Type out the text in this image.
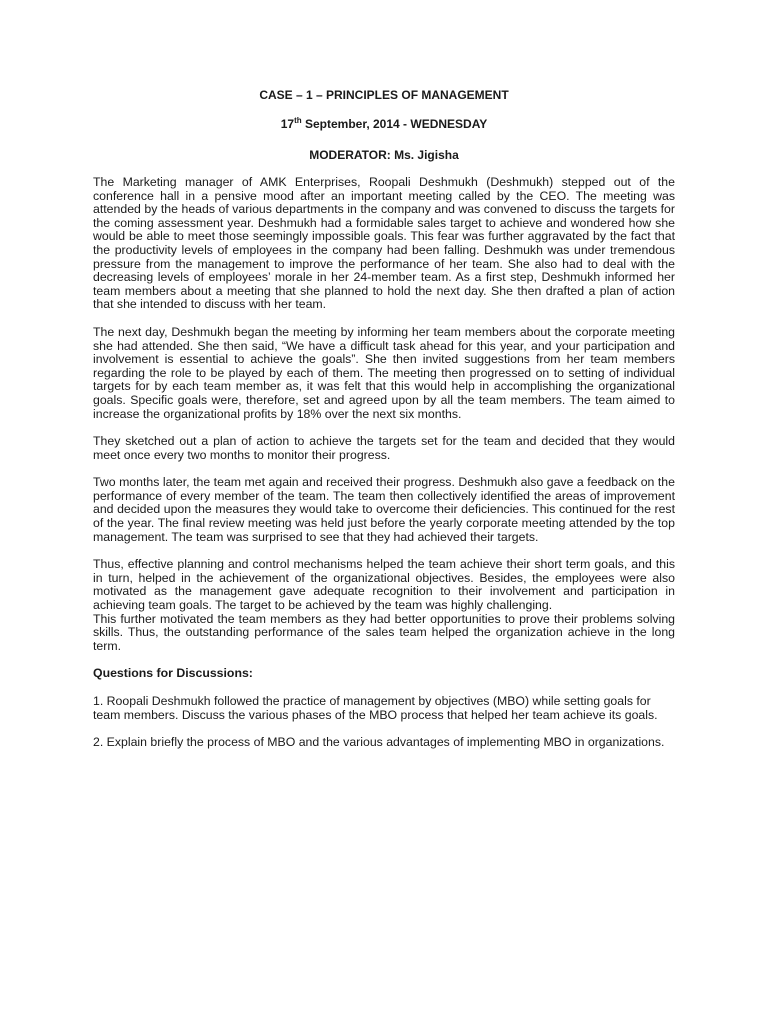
CASE – 1 – PRINCIPLES OF MANAGEMENT

17th September, 2014 - WEDNESDAY

MODERATOR: Ms. Jigisha

The Marketing manager of AMK Enterprises, Roopali Deshmukh (Deshmukh) stepped out of the conference hall in a pensive mood after an important meeting called by the CEO. The meeting was attended by the heads of various departments in the company and was convened to discuss the targets for the coming assessment year. Deshmukh had a formidable sales target to achieve and wondered how she would be able to meet those seemingly impossible goals. This fear was further aggravated by the fact that the productivity levels of employees in the company had been falling. Deshmukh was under tremendous pressure from the management to improve the performance of her team. She also had to deal with the decreasing levels of employees’ morale in her 24-member team. As a first step, Deshmukh informed her team members about a meeting that she planned to hold the next day. She then drafted a plan of action that she intended to discuss with her team.

The next day, Deshmukh began the meeting by informing her team members about the corporate meeting she had attended. She then said, “We have a difficult task ahead for this year, and your participation and involvement is essential to achieve the goals”. She then invited suggestions from her team members regarding the role to be played by each of them. The meeting then progressed on to setting of individual targets for by each team member as, it was felt that this would help in accomplishing the organizational goals. Specific goals were, therefore, set and agreed upon by all the team members. The team aimed to increase the organizational profits by 18% over the next six months.

They sketched out a plan of action to achieve the targets set for the team and decided that they would meet once every two months to monitor their progress.

Two months later, the team met again and received their progress. Deshmukh also gave a feedback on the performance of every member of the team. The team then collectively identified the areas of improvement and decided upon the measures they would take to overcome their deficiencies. This continued for the rest of the year. The final review meeting was held just before the yearly corporate meeting attended by the top management. The team was surprised to see that they had achieved their targets.

Thus, effective planning and control mechanisms helped the team achieve their short term goals, and this in turn, helped in the achievement of the organizational objectives. Besides, the employees were also motivated as the management gave adequate recognition to their involvement and participation in achieving team goals. The target to be achieved by the team was highly challenging.

This further motivated the team members as they had better opportunities to prove their problems solving skills. Thus, the outstanding performance of the sales team helped the organization achieve in the long term.

Questions for Discussions:

1. Roopali Deshmukh followed the practice of management by objectives (MBO) while setting goals for team members. Discuss the various phases of the MBO process that helped her team achieve its goals.

2. Explain briefly the process of MBO and the various advantages of implementing MBO in organizations.
